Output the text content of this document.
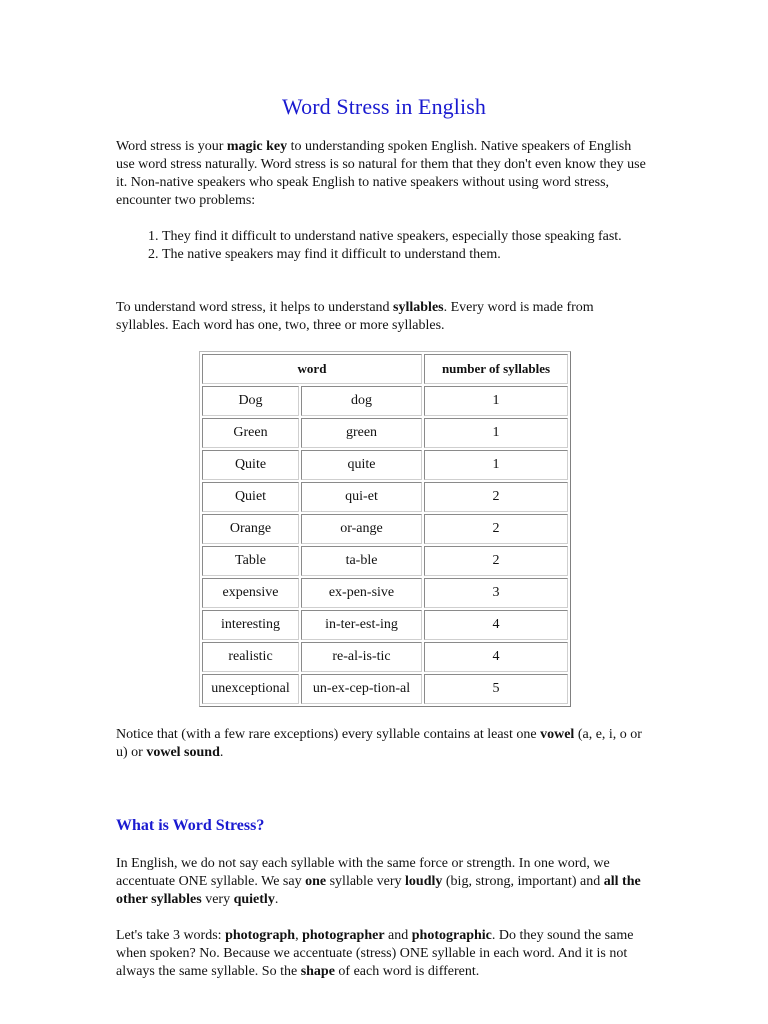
Word Stress in English

Word stress is your magic key to understanding spoken English. Native speakers of English use word stress naturally. Word stress is so natural for them that they don't even know they use it. Non-native speakers who speak English to native speakers without using word stress, encounter two problems:

1. They find it difficult to understand native speakers, especially those speaking fast.
2. The native speakers may find it difficult to understand them.

To understand word stress, it helps to understand syllables. Every word is made from syllables. Each word has one, two, three or more syllables.

word		number of syllables
Dog	dog	1
Green	green	1
Quite	quite	1
Quiet	qui-et	2
Orange	or-ange	2
Table	ta-ble	2
expensive	ex-pen-sive	3
interesting	in-ter-est-ing	4
realistic	re-al-is-tic	4
unexceptional	un-ex-cep-tion-al	5

Notice that (with a few rare exceptions) every syllable contains at least one vowel (a, e, i, o or u) or vowel sound.

What is Word Stress?

In English, we do not say each syllable with the same force or strength. In one word, we accentuate ONE syllable. We say one syllable very loudly (big, strong, important) and all the other syllables very quietly.

Let's take 3 words: photograph, photographer and photographic. Do they sound the same when spoken? No. Because we accentuate (stress) ONE syllable in each word. And it is not always the same syllable. So the shape of each word is different.
